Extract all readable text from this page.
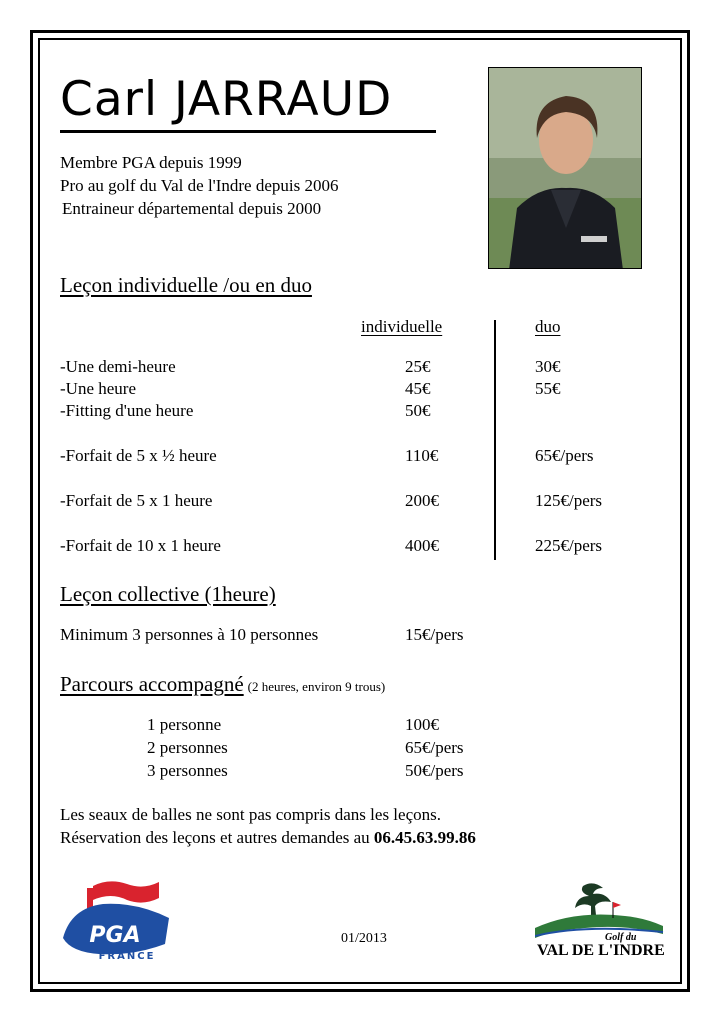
Carl JARRAUD
Membre PGA depuis 1999
Pro au golf du Val de l'Indre depuis 2006
Entraineur départemental depuis 2000
Leçon individuelle /ou en duo
individuelle	duo
-Une demi-heure	25€	30€
-Une heure	45€	55€
-Fitting d'une heure	50€
-Forfait de 5 x ½ heure	110€	65€/pers
-Forfait de 5 x 1 heure	200€	125€/pers
-Forfait de 10 x 1 heure	400€	225€/pers
Leçon collective (1heure)
Minimum 3 personnes à 10 personnes	15€/pers
Parcours accompagné (2 heures, environ 9 trous)
1 personne	100€
2 personnes	65€/pers
3 personnes	50€/pers
Les seaux de balles ne sont pas compris dans les leçons.
Réservation des leçons et autres demandes au 06.45.63.99.86
01/2013
PGA
FRANCE
Golf du
VAL DE L'INDRE
